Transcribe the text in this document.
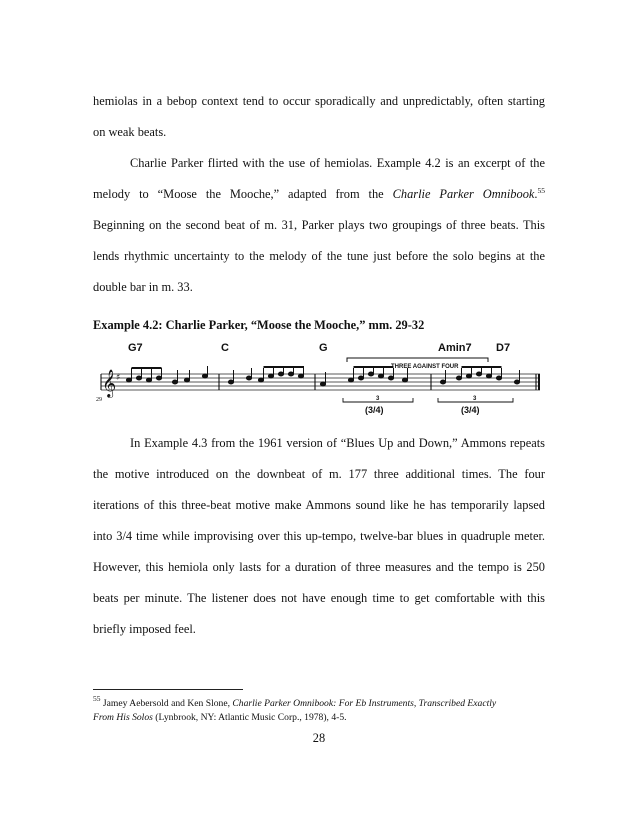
hemiolas in a bebop context tend to occur sporadically and unpredictably, often starting
on weak beats.
Charlie Parker flirted with the use of hemiolas. Example 4.2 is an excerpt of the
melody to “Moose the Mooche,” adapted from the Charlie Parker Omnibook.$^{55}$
Beginning on the second beat of m. 31, Parker plays two groupings of three beats. This
lends rhythmic uncertainty to the melody of the tune just before the solo begins at the
double bar in m. 33.
Example 4.2: Charlie Parker, “Moose the Mooche,” mm. 29-32
G7	C	G	Amin7 D7
THREE AGAINST FOUR
𝄞 ♯
29	3	3
(3/4)	(3/4)
In Example 4.3 from the 1961 version of “Blues Up and Down,” Ammons repeats
the motive introduced on the downbeat of m. 177 three additional times. The four
iterations of this three-beat motive make Ammons sound like he has temporarily lapsed
into 3/4 time while improvising over this up-tempo, twelve-bar blues in quadruple meter.
However, this hemiola only lasts for a duration of three measures and the tempo is 250
beats per minute. The listener does not have enough time to get comfortable with this
briefly imposed feel.
$^{55}$ Jamey Aebersold and Ken Slone, Charlie Parker Omnibook: For Eb Instruments, Transcribed Exactly
From His Solos (Lynbrook, NY: Atlantic Music Corp., 1978), 4-5.
28
